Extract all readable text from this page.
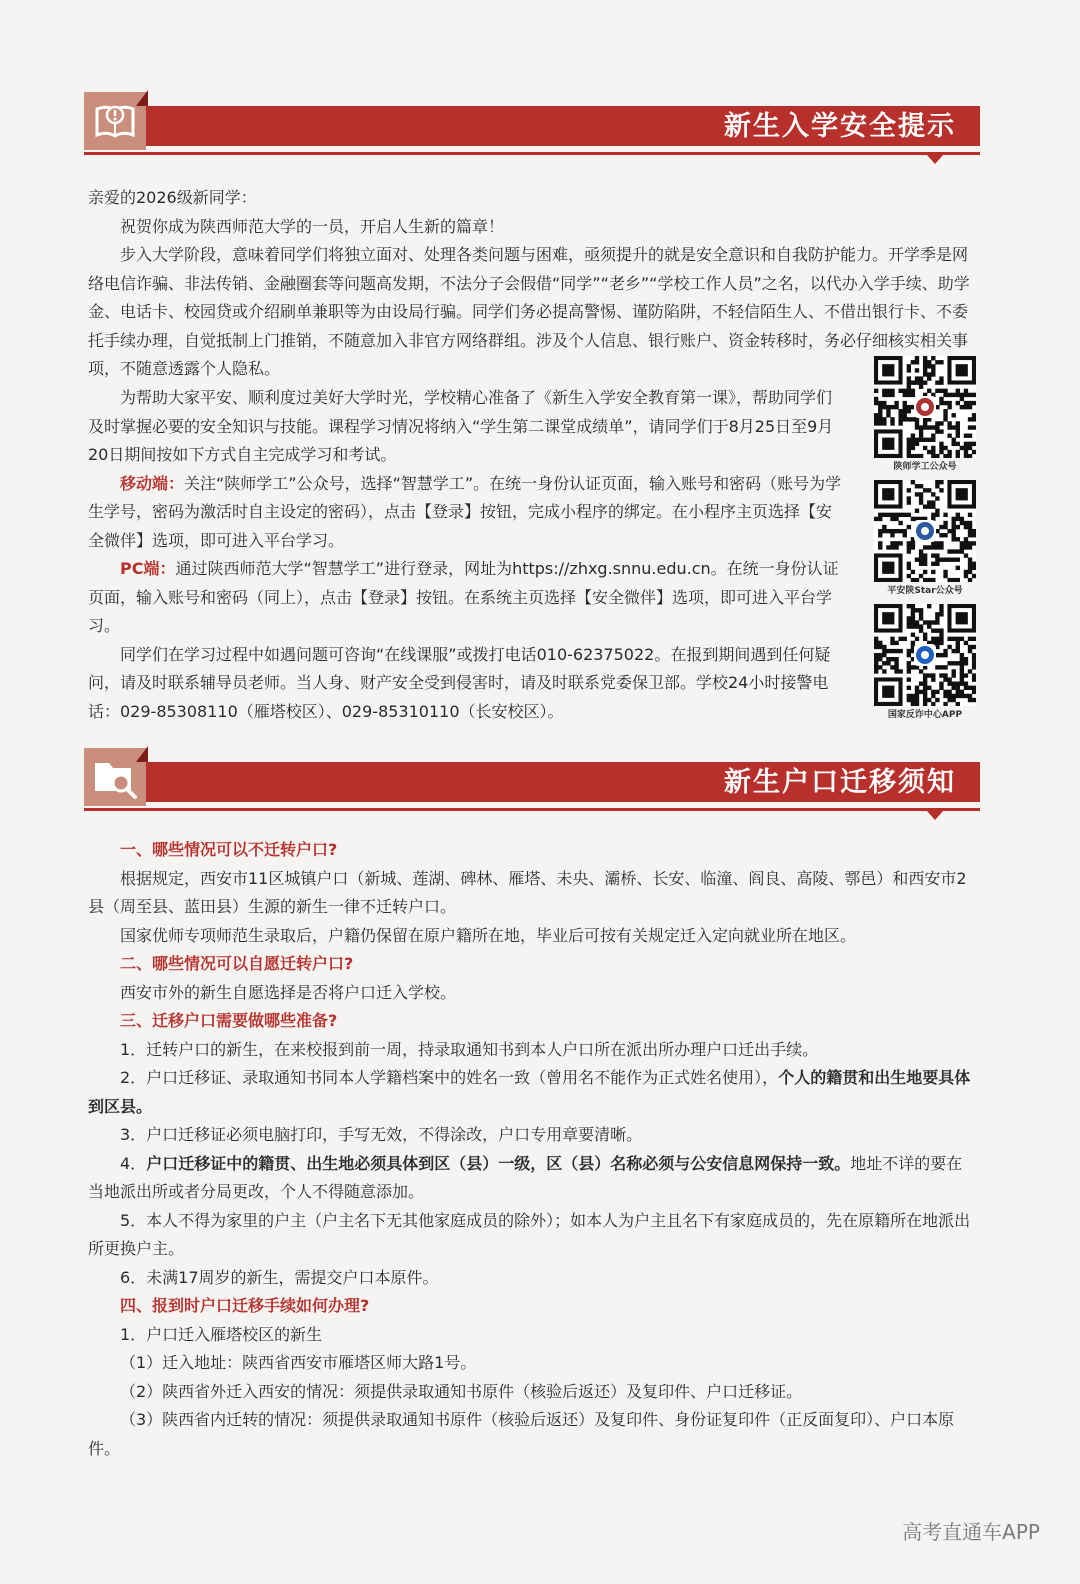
新生入学安全提示

亲爱的2026级新同学：

祝贺你成为陕西师范大学的一员，开启人生新的篇章！

步入大学阶段，意味着同学们将独立面对、处理各类问题与困难，亟须提升的就是安全意识和自我防护能力。开学季是网络电信诈骗、非法传销、金融圈套等问题高发期，不法分子会假借“同学”“老乡”“学校工作人员”之名，以代办入学手续、助学金、电话卡、校园贷或介绍刷单兼职等为由设局行骗。同学们务必提高警惕、谨防陷阱，不轻信陌生人、不借出银行卡、不委托手续办理，自觉抵制上门推销，不随意加入非官方网络群组。涉及个人信息、银行账户、资金转移时，务必仔细核实相关事项，不随意透露个人隐私。

为帮助大家平安、顺利度过美好大学时光，学校精心准备了《新生入学安全教育第一课》，帮助同学们及时掌握必要的安全知识与技能。课程学习情况将纳入“学生第二课堂成绩单”，请同学们于8月25日至9月20日期间按如下方式自主完成学习和考试。

移动端：关注“陕师学工”公众号，选择“智慧学工”。在统一身份认证页面，输入账号和密码（账号为学生学号，密码为激活时自主设定的密码），点击【登录】按钮，完成小程序的绑定。在小程序主页选择【安全微伴】选项，即可进入平台学习。

PC端：通过陕西师范大学“智慧学工”进行登录，网址为https://zhxg.snnu.edu.cn。在统一身份认证页面，输入账号和密码（同上），点击【登录】按钮。在系统主页选择【安全微伴】选项，即可进入平台学习。

同学们在学习过程中如遇问题可咨询“在线课服”或拨打电话010-62375022。在报到期间遇到任何疑问，请及时联系辅导员老师。当人身、财产安全受到侵害时，请及时联系党委保卫部。学校24小时接警电话：029-85308110（雁塔校区）、029-85310110（长安校区）。

陕师学工公众号
平安陕Star公众号
国家反诈中心APP
新生户口迁移须知

一、哪些情况可以不迁转户口?

根据规定，西安市11区城镇户口（新城、莲湖、碑林、雁塔、未央、灞桥、长安、临潼、阎良、高陵、鄠邑）和西安市2县（周至县、蓝田县）生源的新生一律不迁转户口。

国家优师专项师范生录取后，户籍仍保留在原户籍所在地，毕业后可按有关规定迁入定向就业所在地区。

二、哪些情况可以自愿迁转户口?

西安市外的新生自愿选择是否将户口迁入学校。

三、迁移户口需要做哪些准备?

1．迁转户口的新生，在来校报到前一周，持录取通知书到本人户口所在派出所办理户口迁出手续。

2．户口迁移证、录取通知书同本人学籍档案中的姓名一致（曾用名不能作为正式姓名使用），个人的籍贯和出生地要具体到区县。

3．户口迁移证必须电脑打印，手写无效，不得涂改，户口专用章要清晰。

4．户口迁移证中的籍贯、出生地必须具体到区（县）一级，区（县）名称必须与公安信息网保持一致。地址不详的要在当地派出所或者分局更改，个人不得随意添加。

5．本人不得为家里的户主（户主名下无其他家庭成员的除外）；如本人为户主且名下有家庭成员的，先在原籍所在地派出所更换户主。

6．未满17周岁的新生，需提交户口本原件。

四、报到时户口迁移手续如何办理?

1．户口迁入雁塔校区的新生

（1）迁入地址：陕西省西安市雁塔区师大路1号。

（2）陕西省外迁入西安的情况：须提供录取通知书原件（核验后返还）及复印件、户口迁移证。

（3）陕西省内迁转的情况：须提供录取通知书原件（核验后返还）及复印件、身份证复印件（正反面复印）、户口本原件。

高考直通车APP
